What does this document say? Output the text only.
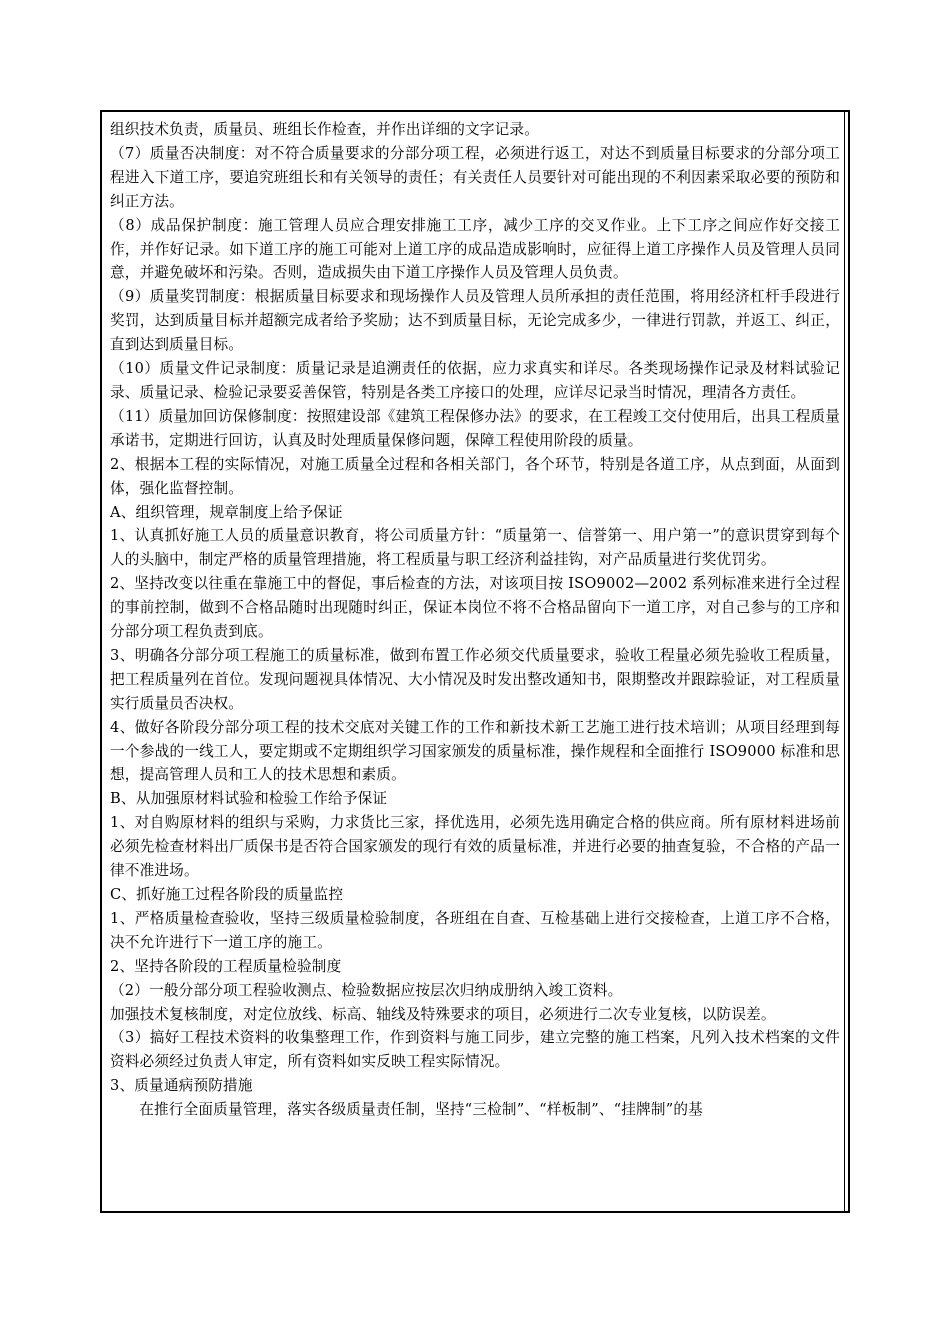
组织技术负责，质量员、班组长作检查，并作出详细的文字记录。

（7）质量否决制度：对不符合质量要求的分部分项工程，必须进行返工，对达不到质量目标要求的分部分项工程进入下道工序，要追究班组长和有关领导的责任；有关责任人员要针对可能出现的不利因素采取必要的预防和纠正方法。

（8）成品保护制度：施工管理人员应合理安排施工工序，减少工序的交叉作业。上下工序之间应作好交接工作，并作好记录。如下道工序的施工可能对上道工序的成品造成影响时，应征得上道工序操作人员及管理人员同意，并避免破坏和污染。否则，造成损失由下道工序操作人员及管理人员负责。

（9）质量奖罚制度：根据质量目标要求和现场操作人员及管理人员所承担的责任范围，将用经济杠杆手段进行奖罚，达到质量目标并超额完成者给予奖励；达不到质量目标，无论完成多少，一律进行罚款，并返工、纠正，直到达到质量目标。

（10）质量文件记录制度：质量记录是追溯责任的依据，应力求真实和详尽。各类现场操作记录及材料试验记录、质量记录、检验记录要妥善保管，特别是各类工序接口的处理，应详尽记录当时情况，理清各方责任。

（11）质量加回访保修制度：按照建设部《建筑工程保修办法》的要求，在工程竣工交付使用后，出具工程质量承诺书，定期进行回访，认真及时处理质量保修问题，保障工程使用阶段的质量。

2、根据本工程的实际情况，对施工质量全过程和各相关部门，各个环节，特别是各道工序，从点到面，从面到体，强化监督控制。

A、组织管理，规章制度上给予保证

1、认真抓好施工人员的质量意识教育，将公司质量方针：“质量第一、信誉第一、用户第一”的意识贯穿到每个人的头脑中，制定严格的质量管理措施，将工程质量与职工经济利益挂钩，对产品质量进行奖优罚劣。

2、坚持改变以往重在靠施工中的督促，事后检查的方法，对该项目按 ISO9002—2002 系列标准来进行全过程的事前控制，做到不合格品随时出现随时纠正，保证本岗位不将不合格品留向下一道工序，对自己参与的工序和分部分项工程负责到底。

3、明确各分部分项工程施工的质量标准，做到布置工作必须交代质量要求，验收工程量必须先验收工程质量，把工程质量列在首位。发现问题视具体情况、大小情况及时发出整改通知书，限期整改并跟踪验证，对工程质量实行质量员否决权。

4、做好各阶段分部分项工程的技术交底对关键工作的工作和新技术新工艺施工进行技术培训；从项目经理到每一个参战的一线工人，要定期或不定期组织学习国家颁发的质量标准，操作规程和全面推行 ISO9000 标准和思想，提高管理人员和工人的技术思想和素质。

B、从加强原材料试验和检验工作给予保证

1、对自购原材料的组织与采购，力求货比三家，择优选用，必须先选用确定合格的供应商。所有原材料进场前必须先检查材料出厂质保书是否符合国家颁发的现行有效的质量标准，并进行必要的抽查复验，不合格的产品一律不准进场。

C、抓好施工过程各阶段的质量监控

1、严格质量检查验收，坚持三级质量检验制度，各班组在自查、互检基础上进行交接检查，上道工序不合格，决不允许进行下一道工序的施工。

2、坚持各阶段的工程质量检验制度

（2）一般分部分项工程验收测点、检验数据应按层次归纳成册纳入竣工资料。

加强技术复核制度，对定位放线、标高、轴线及特殊要求的项目，必须进行二次专业复核，以防误差。

（3）搞好工程技术资料的收集整理工作，作到资料与施工同步，建立完整的施工档案，凡列入技术档案的文件资料必须经过负责人审定，所有资料如实反映工程实际情况。

3、质量通病预防措施

在推行全面质量管理，落实各级质量责任制，坚持“三检制”、“样板制”、“挂牌制”的基
